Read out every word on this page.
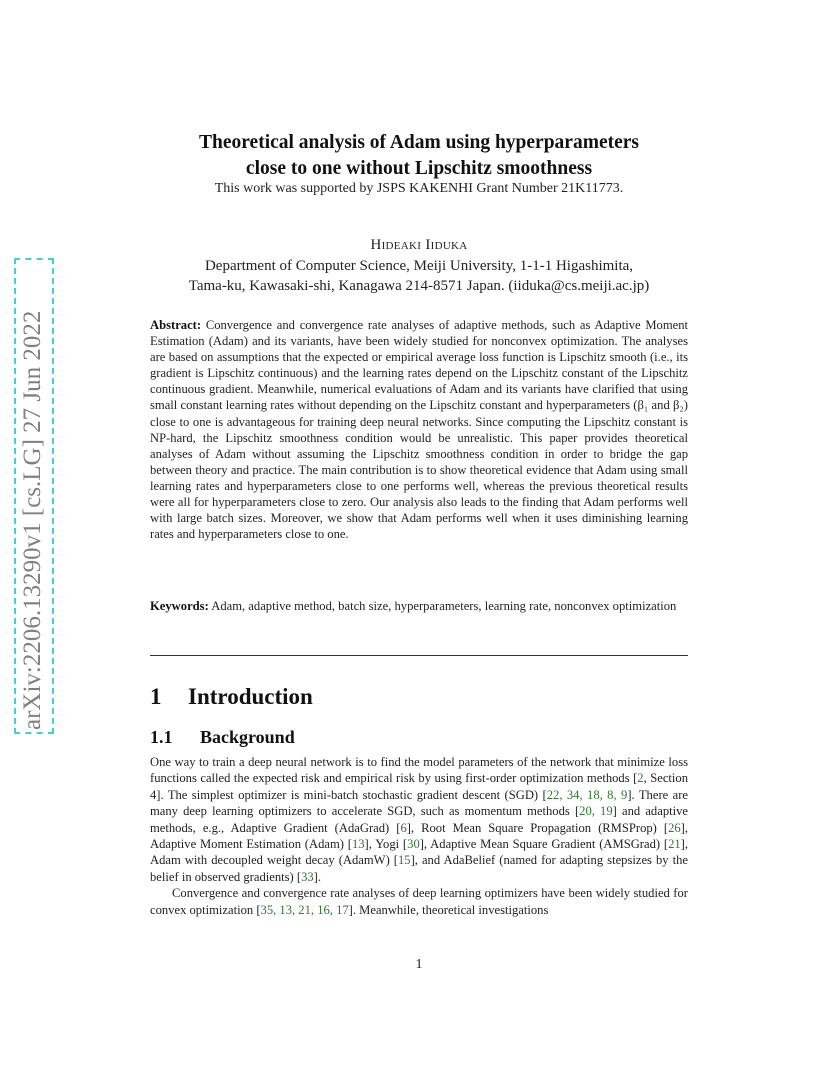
arXiv:2206.13290v1 [cs.LG] 27 Jun 2022
Theoretical analysis of Adam using hyperparameters
close to one without Lipschitz smoothness
This work was supported by JSPS KAKENHI Grant Number 21K11773.
Hideaki Iiduka
Department of Computer Science, Meiji University, 1-1-1 Higashimita,
Tama-ku, Kawasaki-shi, Kanagawa 214-8571 Japan. (iiduka@cs.meiji.ac.jp)
Abstract: Convergence and convergence rate analyses of adaptive methods, such as Adaptive Moment Estimation (Adam) and its variants, have been widely studied for nonconvex optimization. The analyses are based on assumptions that the expected or empirical average loss function is Lipschitz smooth (i.e., its gradient is Lipschitz continuous) and the learning rates depend on the Lipschitz constant of the Lipschitz continuous gradient. Meanwhile, numerical evaluations of Adam and its variants have clarified that using small constant learning rates without depending on the Lipschitz constant and hyperparameters (β₁ and β₂) close to one is advantageous for training deep neural networks. Since computing the Lipschitz constant is NP-hard, the Lipschitz smoothness condition would be unrealistic. This paper provides theoretical analyses of Adam without assuming the Lipschitz smoothness condition in order to bridge the gap between theory and practice. The main contribution is to show theoretical evidence that Adam using small learning rates and hyperparameters close to one performs well, whereas the previous theoretical results were all for hyperparameters close to zero. Our analysis also leads to the finding that Adam performs well with large batch sizes. Moreover, we show that Adam performs well when it uses diminishing learning rates and hyperparameters close to one.
Keywords: Adam, adaptive method, batch size, hyperparameters, learning rate, nonconvex optimization
1 Introduction
1.1 Background

One way to train a deep neural network is to find the model parameters of the network that minimize loss functions called the expected risk and empirical risk by using first-order optimization methods [2, Section 4]. The simplest optimizer is mini-batch stochastic gradient descent (SGD) [22, 34, 18, 8, 9]. There are many deep learning optimizers to accelerate SGD, such as momentum methods [20, 19] and adaptive methods, e.g., Adaptive Gradient (AdaGrad) [6], Root Mean Square Propagation (RMSProp) [26], Adaptive Moment Estimation (Adam) [13], Yogi [30], Adaptive Mean Square Gradient (AMSGrad) [21], Adam with decoupled weight decay (AdamW) [15], and AdaBelief (named for adapting stepsizes by the belief in observed gradients) [33].

Convergence and convergence rate analyses of deep learning optimizers have been widely studied for convex optimization [35, 13, 21, 16, 17]. Meanwhile, theoretical investigations

1
